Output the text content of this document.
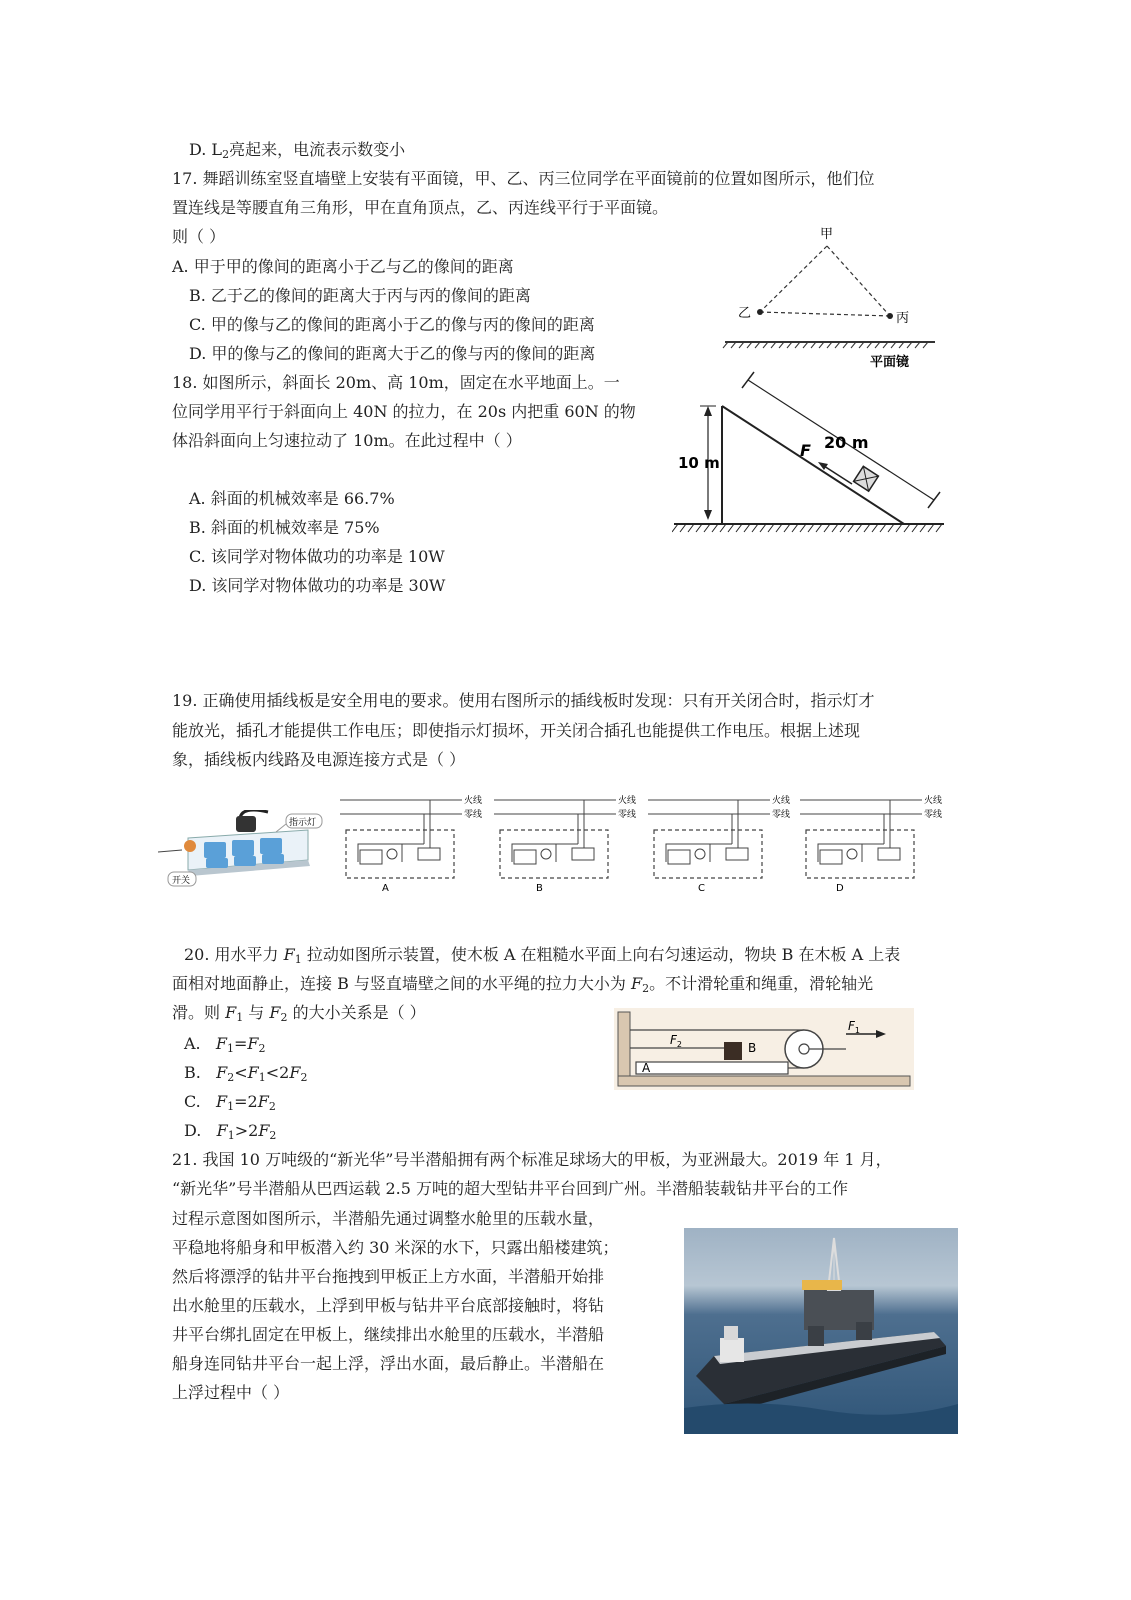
D. $L_2$亮起来，电流表示数变小
17. 舞蹈训练室竖直墙壁上安装有平面镜，甲、乙、丙三位同学在平面镜前的位置如图所示，他们位
置连线是等腰直角三角形，甲在直角顶点，乙、丙连线平行于平面镜。
则（ ）
A. 甲于甲的像间的距离小于乙与乙的像间的距离
B. 乙于乙的像间的距离大于丙与丙的像间的距离
C. 甲的像与乙的像间的距离小于乙的像与丙的像间的距离
D. 甲的像与乙的像间的距离大于乙的像与丙的像间的距离
甲
乙	丙
平面镜
18. 如图所示，斜面长 20m、高 10m，固定在水平地面上。一
位同学用平行于斜面向上 40N 的拉力，在 20s 内把重 60N 的物
体沿斜面向上匀速拉动了 10m。在此过程中（ ）
A. 斜面的机械效率是 66.7%
B. 斜面的机械效率是 75%
C. 该同学对物体做功的功率是 10W
D. 该同学对物体做功的功率是 30W
10 m
20 m
F
19. 正确使用插线板是安全用电的要求。使用右图所示的插线板时发现：只有开关闭合时，指示灯才
能放光，插孔才能提供工作电压；即使指示灯损坏，开关闭合插孔也能提供工作电压。根据上述现
象，插线板内线路及电源连接方式是（ ）
指示灯
开关
火线
零线
火线
零线
火线
零线
火线
零线
A	B	C	D
20. 用水平力 $F_1$ 拉动如图所示装置，使木板 A 在粗糙水平面上向右匀速运动，物块 B 在木板 A 上表
面相对地面静止，连接 B 与竖直墙壁之间的水平绳的拉力大小为 $F_2$。不计滑轮重和绳重，滑轮轴光
滑。则 $F_1$ 与 $F_2$ 的大小关系是（ ）
A. $F_1=F_2$
B. $F_2<F_1<2F_2$
C. $F_1=2F_2$
D. $F_1>2F_2$
A
B
$F_1$
$F_2$
21. 我国 10 万吨级的“新光华”号半潜船拥有两个标准足球场大的甲板，为亚洲最大。2019 年 1 月，
“新光华”号半潜船从巴西运载 2.5 万吨的超大型钻井平台回到广州。半潜船装载钻井平台的工作
过程示意图如图所示，半潜船先通过调整水舱里的压载水量，
平稳地将船身和甲板潜入约 30 米深的水下，只露出船楼建筑；
然后将漂浮的钻井平台拖拽到甲板正上方水面，半潜船开始排
出水舱里的压载水，上浮到甲板与钻井平台底部接触时，将钻
井平台绑扎固定在甲板上，继续排出水舱里的压载水，半潜船
船身连同钻井平台一起上浮，浮出水面，最后静止。半潜船在
上浮过程中（ ）
